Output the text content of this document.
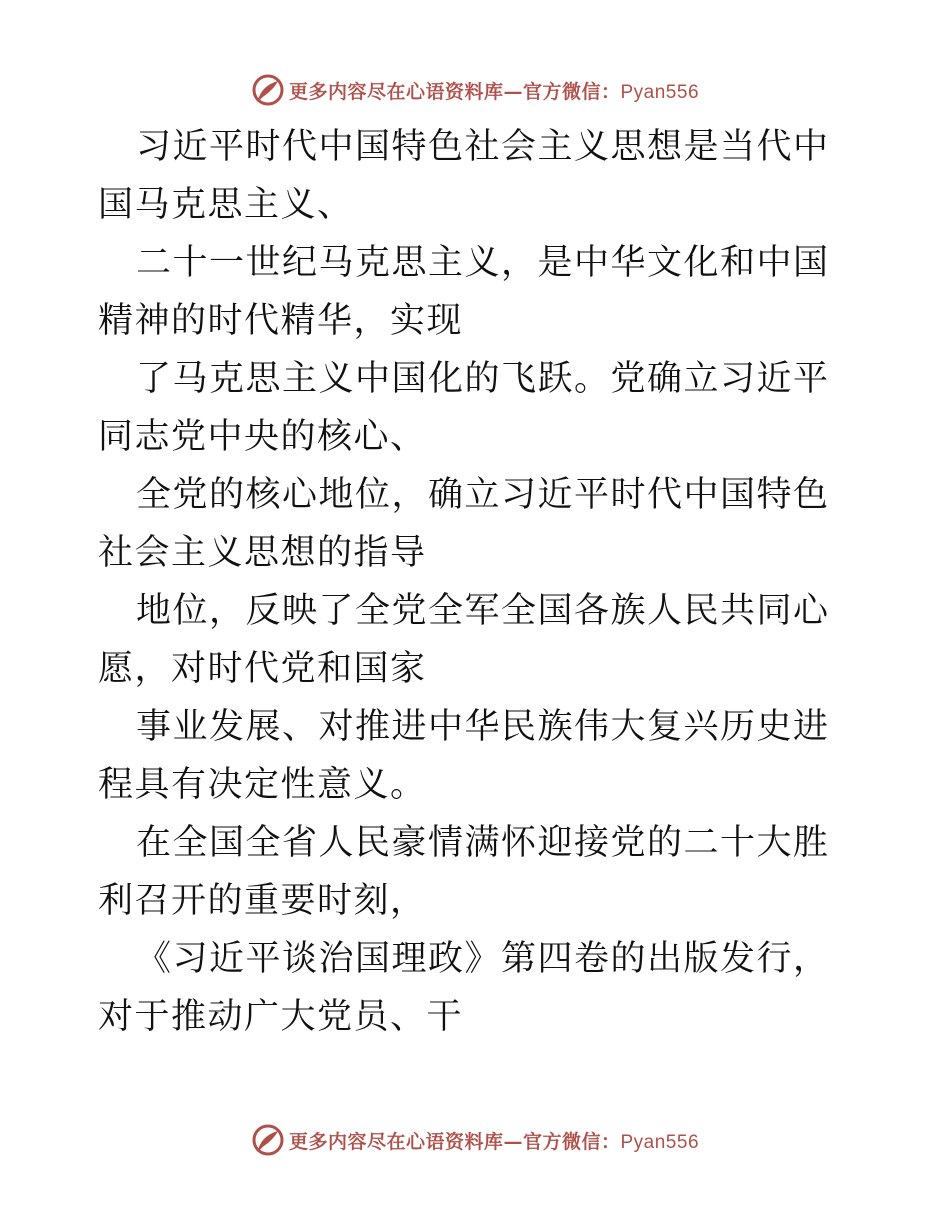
更多内容尽在心语资料库—官方微信：Pyan556

习近平时代中国特色社会主义思想是当代中国马克思主义、

二十一世纪马克思主义，是中华文化和中国精神的时代精华，实现

了马克思主义中国化的飞跃。党确立习近平同志党中央的核心、

全党的核心地位，确立习近平时代中国特色社会主义思想的指导

地位，反映了全党全军全国各族人民共同心愿，对时代党和国家

事业发展、对推进中华民族伟大复兴历史进程具有决定性意义。

在全国全省人民豪情满怀迎接党的二十大胜利召开的重要时刻，

《习近平谈治国理政》第四卷的出版发行，对于推动广大党员、干

更多内容尽在心语资料库—官方微信：Pyan556
